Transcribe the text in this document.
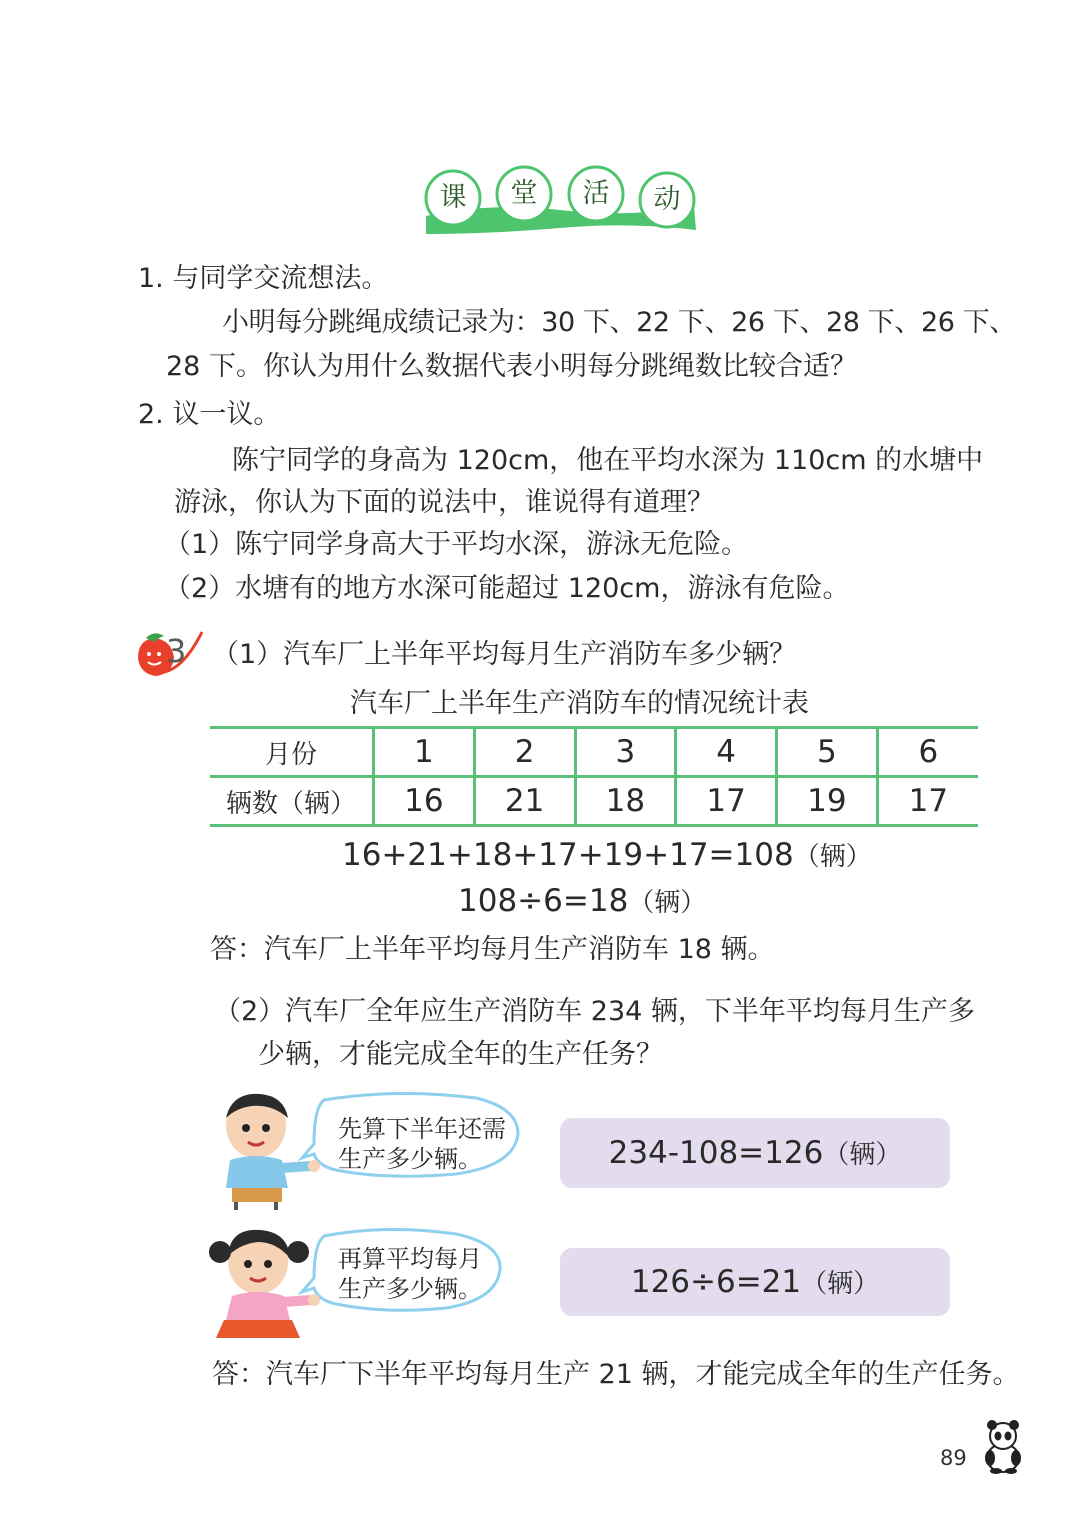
课	堂	活	动
1. 与同学交流想法。
小明每分跳绳成绩记录为：30 下、22 下、26 下、28 下、26 下、
28 下。你认为用什么数据代表小明每分跳绳数比较合适？
2. 议一议。
陈宁同学的身高为 120cm，他在平均水深为 110cm 的水塘中
游泳，你认为下面的说法中，谁说得有道理？
（1）陈宁同学身高大于平均水深，游泳无危险。
（2）水塘有的地方水深可能超过 120cm，游泳有危险。
3 （1）汽车厂上半年平均每月生产消防车多少辆？
汽车厂上半年生产消防车的情况统计表
月份	1	2	3	4	5	6
辆数（辆）	16	21	18	17	19	17
16+21+18+17+19+17=108（辆）
108÷6=18（辆）
答：汽车厂上半年平均每月生产消防车 18 辆。
（2）汽车厂全年应生产消防车 234 辆，下半年平均每月生产多
少辆，才能完成全年的生产任务？
先算下半年还需
生产多少辆。	234-108=126（辆）
再算平均每月
生产多少辆。	126÷6=21（辆）
答：汽车厂下半年平均每月生产 21 辆，才能完成全年的生产任务。
89
